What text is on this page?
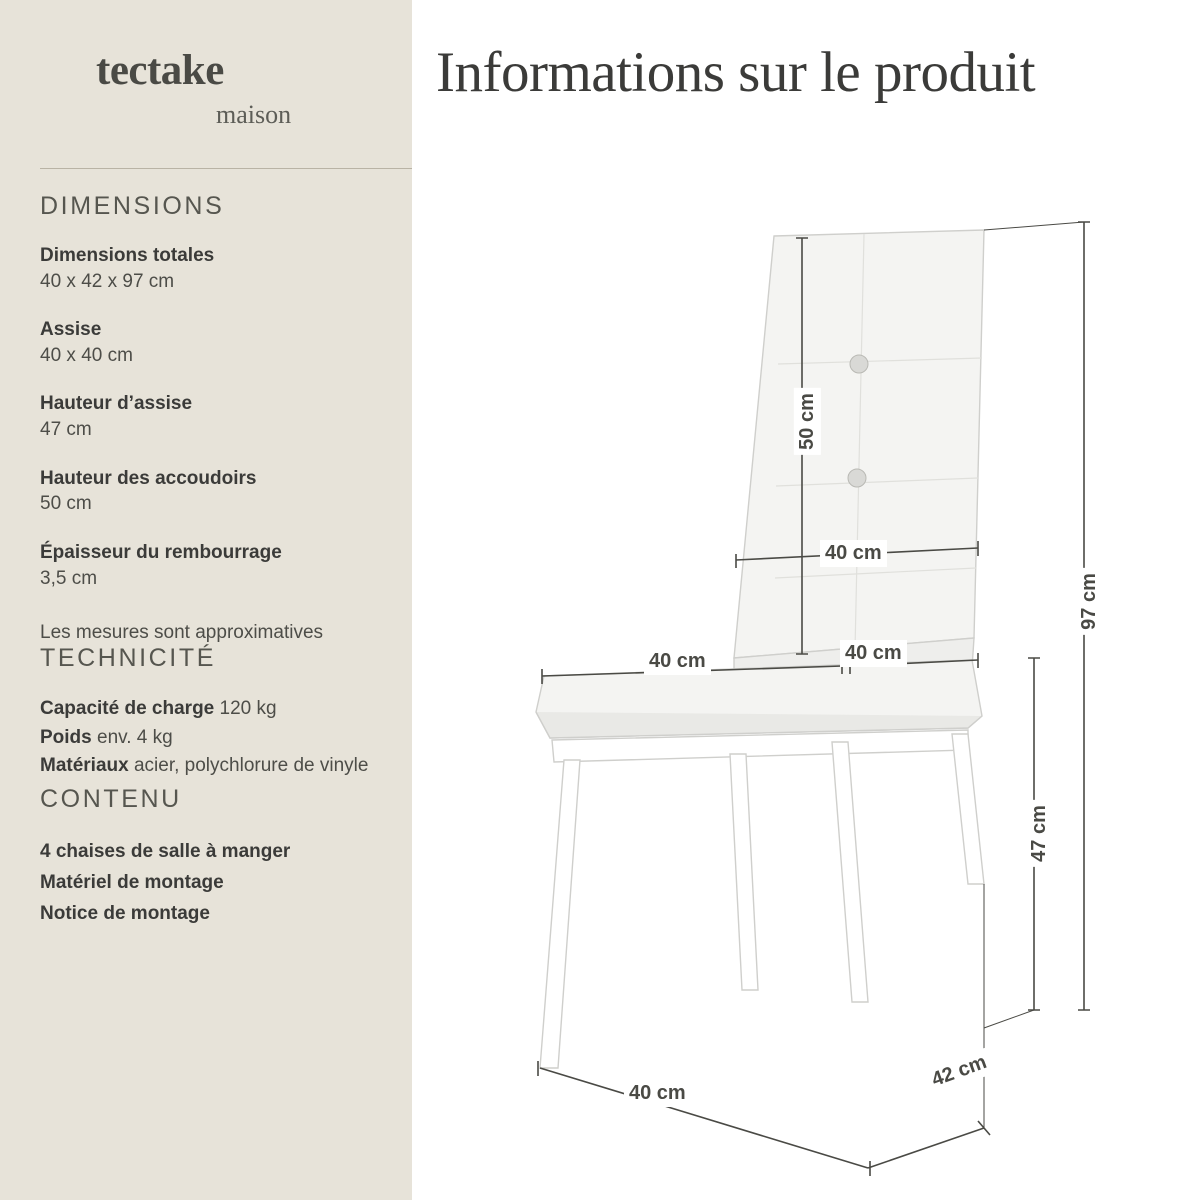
tectake
maison
DIMENSIONS
Dimensions totales
40 x 42 x 97 cm
Assise
40 x 40 cm
Hauteur d’assise
47 cm
Hauteur des accoudoirs
50 cm
Épaisseur du rembourrage
3,5 cm

Les mesures sont approximatives

TECHNICITÉ
Capacité de charge 120 kg
Poids env. 4 kg
Matériaux acier, polychlorure de vinyle
CONTENU
4 chaises de salle à manger
Matériel de montage
Notice de montage
Informations sur le produit
50 cm
97 cm
47 cm
40 cm
40 cm	40 cm
40 cm
42 cm
